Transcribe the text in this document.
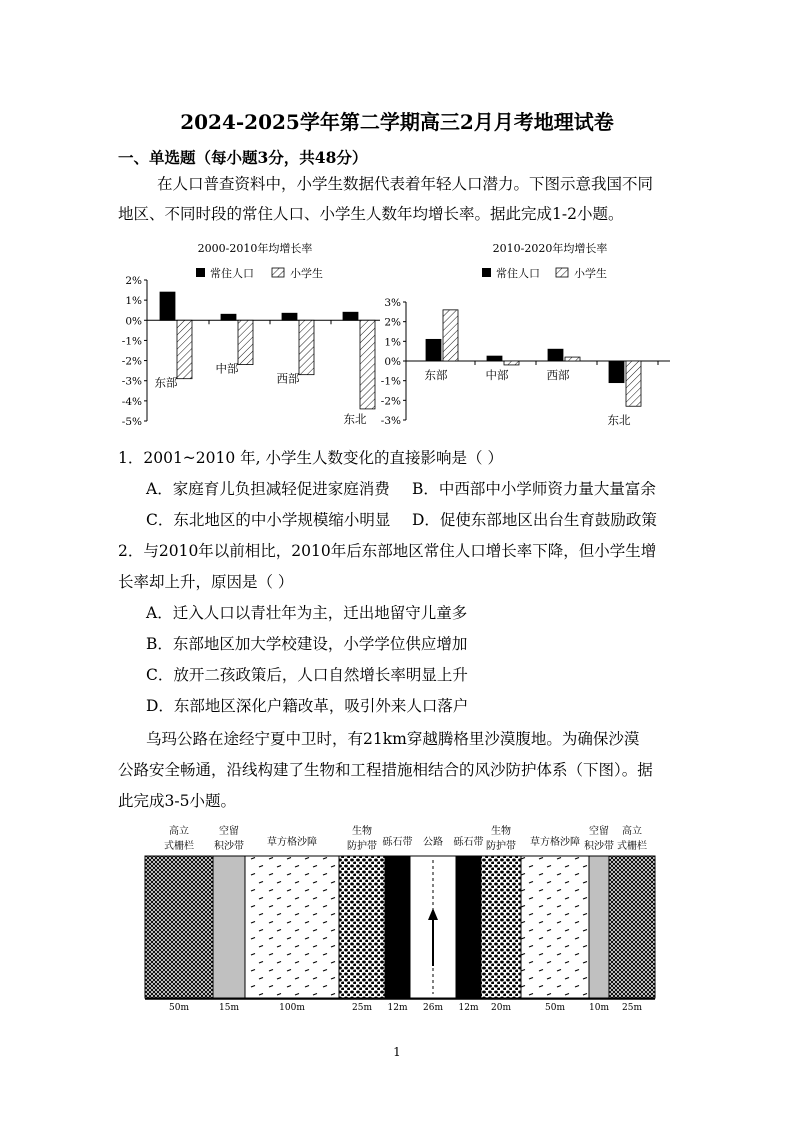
2024-2025学年第二学期高三2月月考地理试卷
一、单选题（每小题3分，共48分）
在人口普查资料中，小学生数据代表着年轻人口潜力。下图示意我国不同
地区、不同时段的常住人口、小学生人数年均增长率。据此完成1-2小题。
2000-2010年均增长率
常住人口	小学生
2%
1%
0%
-1%
-2%
-3%
-4%
-5%
东部
中部
西部
东北
2010-2020年均增长率
常住人口	小学生
3%
2%
1%
0%
-1%
-2%
-3%
东部	中部	西部
东北
1．2001~2010 年, 小学生人数变化的直接影响是（ ）
A．家庭育儿负担减轻促进家庭消费 B．中西部中小学师资力量大量富余
C．东北地区的中小学规模缩小明显 D．促使东部地区出台生育鼓励政策
2．与2010年以前相比，2010年后东部地区常住人口增长率下降，但小学生增
长率却上升，原因是（ ）
A．迁入人口以青壮年为主，迁出地留守儿童多
B．东部地区加大学校建设，小学学位供应增加
C．放开二孩政策后，人口自然增长率明显上升
D．东部地区深化户籍改革，吸引外来人口落户
乌玛公路在途经宁夏中卫时，有21km穿越腾格里沙漠腹地。为确保沙漠
公路安全畅通，沿线构建了生物和工程措施相结合的风沙防护体系（下图）。据
此完成3-5小题。
高立
式栅栏
空留
积沙带 草方格沙障
生物
防护带 砾石带 公路 砾石带
生物
防护带 草方格沙障
空留
积沙带
高立
式栅栏
50m	15m	100m	25m 12m 26m 12m 20m	50m	10m 25m
1
